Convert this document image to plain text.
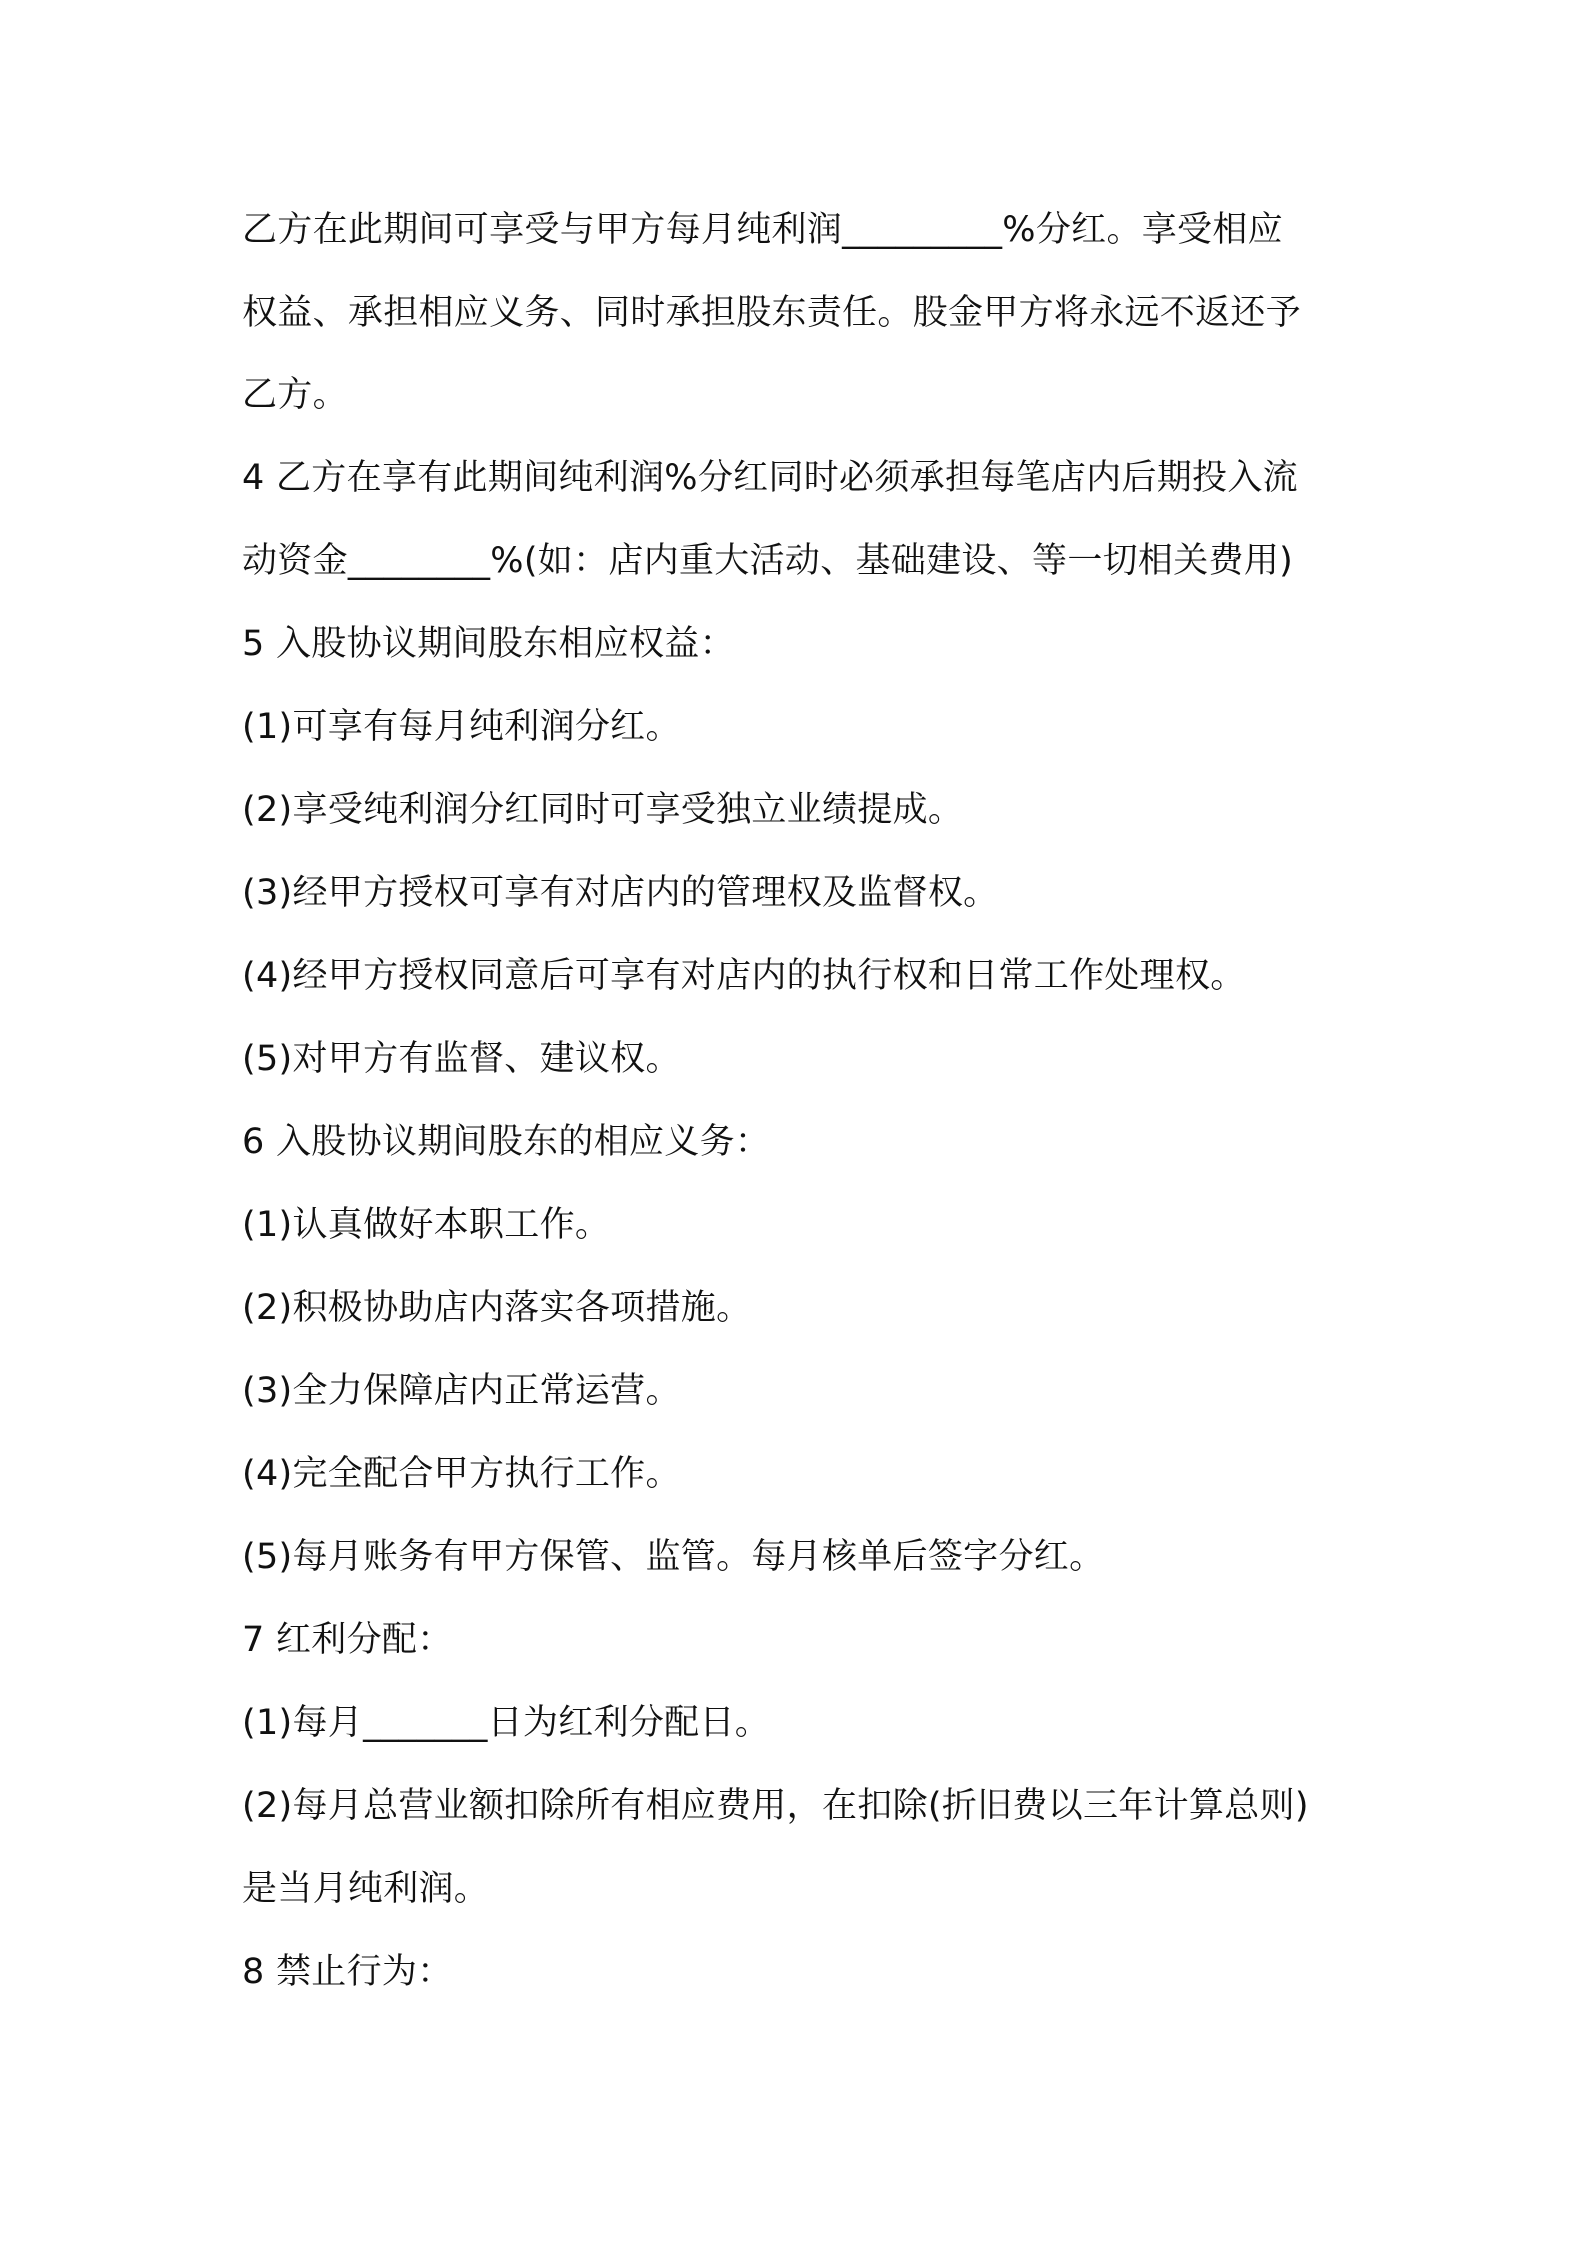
乙方在此期间可享受与甲方每月纯利润_________%分红。享受相应

权益、承担相应义务、同时承担股东责任。股金甲方将永远不返还予

乙方。

4 乙方在享有此期间纯利润%分红同时必须承担每笔店内后期投入流

动资金________%(如：店内重大活动、基础建设、等一切相关费用)

5 入股协议期间股东相应权益：

(1)可享有每月纯利润分红。

(2)享受纯利润分红同时可享受独立业绩提成。

(3)经甲方授权可享有对店内的管理权及监督权。

(4)经甲方授权同意后可享有对店内的执行权和日常工作处理权。

(5)对甲方有监督、建议权。

6 入股协议期间股东的相应义务：

(1)认真做好本职工作。

(2)积极协助店内落实各项措施。

(3)全力保障店内正常运营。

(4)完全配合甲方执行工作。

(5)每月账务有甲方保管、监管。每月核单后签字分红。

7 红利分配：

(1)每月_______日为红利分配日。

(2)每月总营业额扣除所有相应费用，在扣除(折旧费以三年计算总则)

是当月纯利润。

8 禁止行为：
